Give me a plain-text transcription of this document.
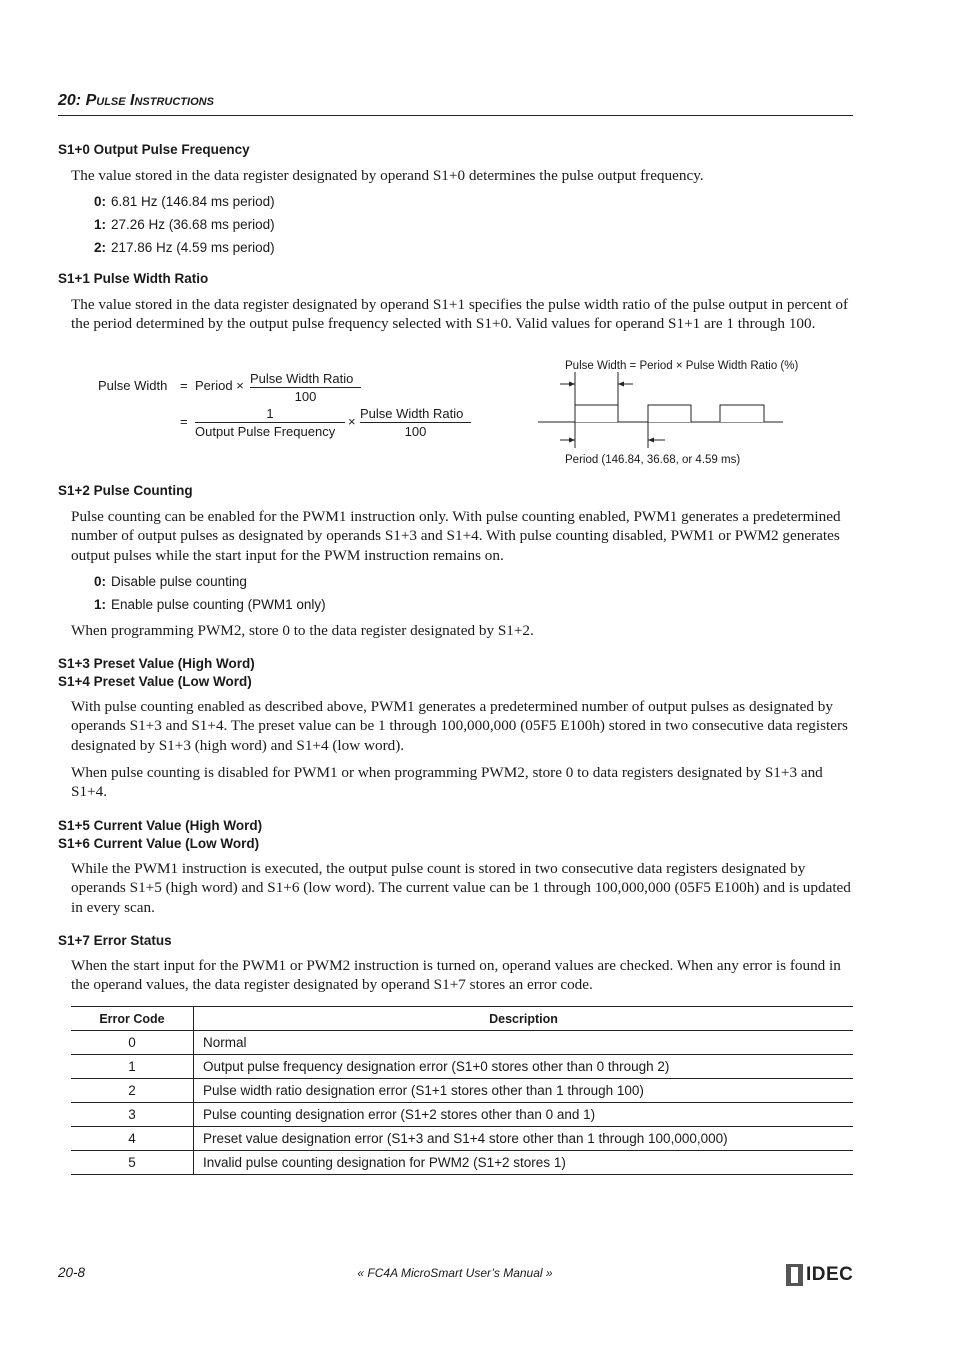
20: Pulse Instructions
S1+0 Output Pulse Frequency
The value stored in the data register designated by operand S1+0 determines the pulse output frequency.
0: 6.81 Hz (146.84 ms period)
1: 27.26 Hz (36.68 ms period)
2: 217.86 Hz (4.59 ms period)
S1+1 Pulse Width Ratio
The value stored in the data register designated by operand S1+1 specifies the pulse width ratio of the pulse output in percent of the period determined by the output pulse frequency selected with S1+0. Valid values for operand S1+1 are 1 through 100.
Pulse Width = Period × Pulse Width Ratio
100
=
1
Output Pulse Frequency
×
Pulse Width Ratio
100
Pulse Width = Period × Pulse Width Ratio (%)
Period (146.84, 36.68, or 4.59 ms)
S1+2 Pulse Counting
Pulse counting can be enabled for the PWM1 instruction only. With pulse counting enabled, PWM1 generates a predetermined number of output pulses as designated by operands S1+3 and S1+4. With pulse counting disabled, PWM1 or PWM2 generates output pulses while the start input for the PWM instruction remains on.
0: Disable pulse counting
1: Enable pulse counting (PWM1 only)
When programming PWM2, store 0 to the data register designated by S1+2.
S1+3 Preset Value (High Word)
S1+4 Preset Value (Low Word)
With pulse counting enabled as described above, PWM1 generates a predetermined number of output pulses as designated by operands S1+3 and S1+4. The preset value can be 1 through 100,000,000 (05F5 E100h) stored in two consecutive data registers designated by S1+3 (high word) and S1+4 (low word).
When pulse counting is disabled for PWM1 or when programming PWM2, store 0 to data registers designated by S1+3 and S1+4.
S1+5 Current Value (High Word)
S1+6 Current Value (Low Word)
While the PWM1 instruction is executed, the output pulse count is stored in two consecutive data registers designated by operands S1+5 (high word) and S1+6 (low word). The current value can be 1 through 100,000,000 (05F5 E100h) and is updated in every scan.
S1+7 Error Status
When the start input for the PWM1 or PWM2 instruction is turned on, operand values are checked. When any error is found in the operand values, the data register designated by operand S1+7 stores an error code.
Error Code	Description
0	Normal
1	Output pulse frequency designation error (S1+0 stores other than 0 through 2)
2	Pulse width ratio designation error (S1+1 stores other than 1 through 100)
3	Pulse counting designation error (S1+2 stores other than 0 and 1)
4	Preset value designation error (S1+3 and S1+4 store other than 1 through 100,000,000)
5	Invalid pulse counting designation for PWM2 (S1+2 stores 1)
20-8	« FC4A MicroSmart User’s Manual »	IDEC
